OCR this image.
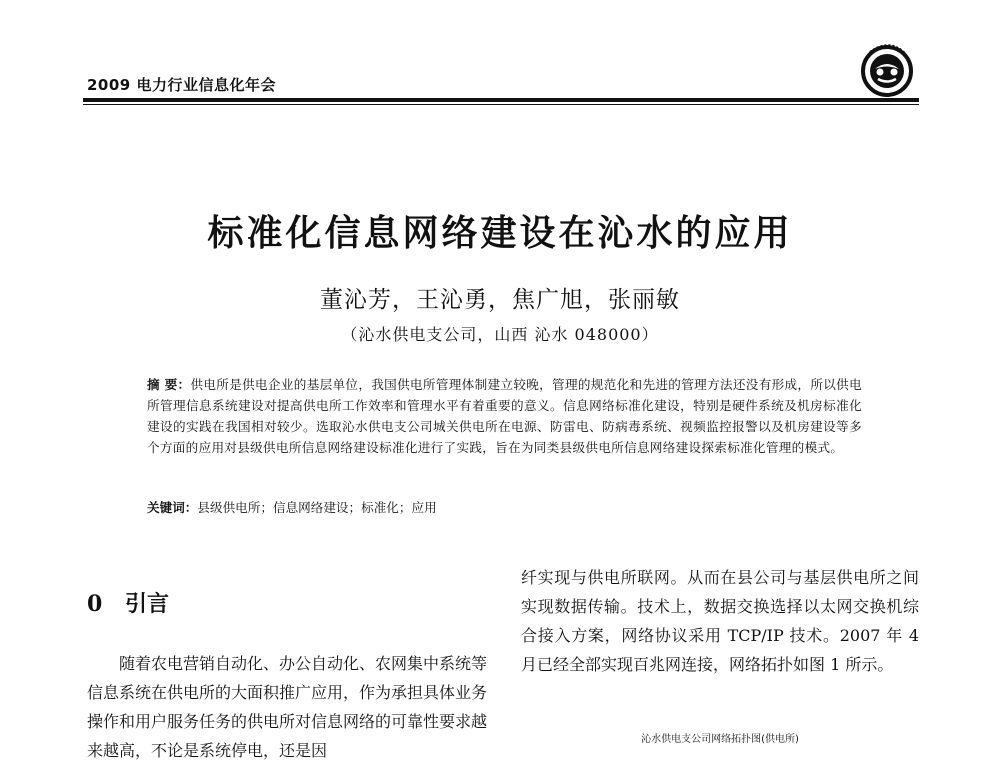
2009 电力行业信息化年会
标准化信息网络建设在沁水的应用
董沁芳，王沁勇，焦广旭，张丽敏
（沁水供电支公司，山西 沁水 048000）
摘 要：供电所是供电企业的基层单位，我国供电所管理体制建立较晚，管理的规范化和先进的管理方法还没有形成，所以供电所管理信息系统建设对提高供电所工作效率和管理水平有着重要的意义。信息网络标准化建设，特别是硬件系统及机房标准化建设的实践在我国相对较少。选取沁水供电支公司城关供电所在电源、防雷电、防病毒系统、视频监控报警以及机房建设等多个方面的应用对县级供电所信息网络建设标准化进行了实践，旨在为同类县级供电所信息网络建设探索标准化管理的模式。
关键词：县级供电所；信息网络建设；标准化；应用
0 引言
随着农电营销自动化、办公自动化、农网集中系统等信息系统在供电所的大面积推广应用，作为承担具体业务操作和用户服务任务的供电所对信息网络的可靠性要求越来越高，不论是系统停电，还是因
纤实现与供电所联网。从而在县公司与基层供电所之间实现数据传输。技术上，数据交换选择以太网交换机综合接入方案，网络协议采用 TCP/IP 技术。2007 年 4 月已经全部实现百兆网连接，网络拓扑如图 1 所示。
沁水供电支公司网络拓扑图(供电所)
